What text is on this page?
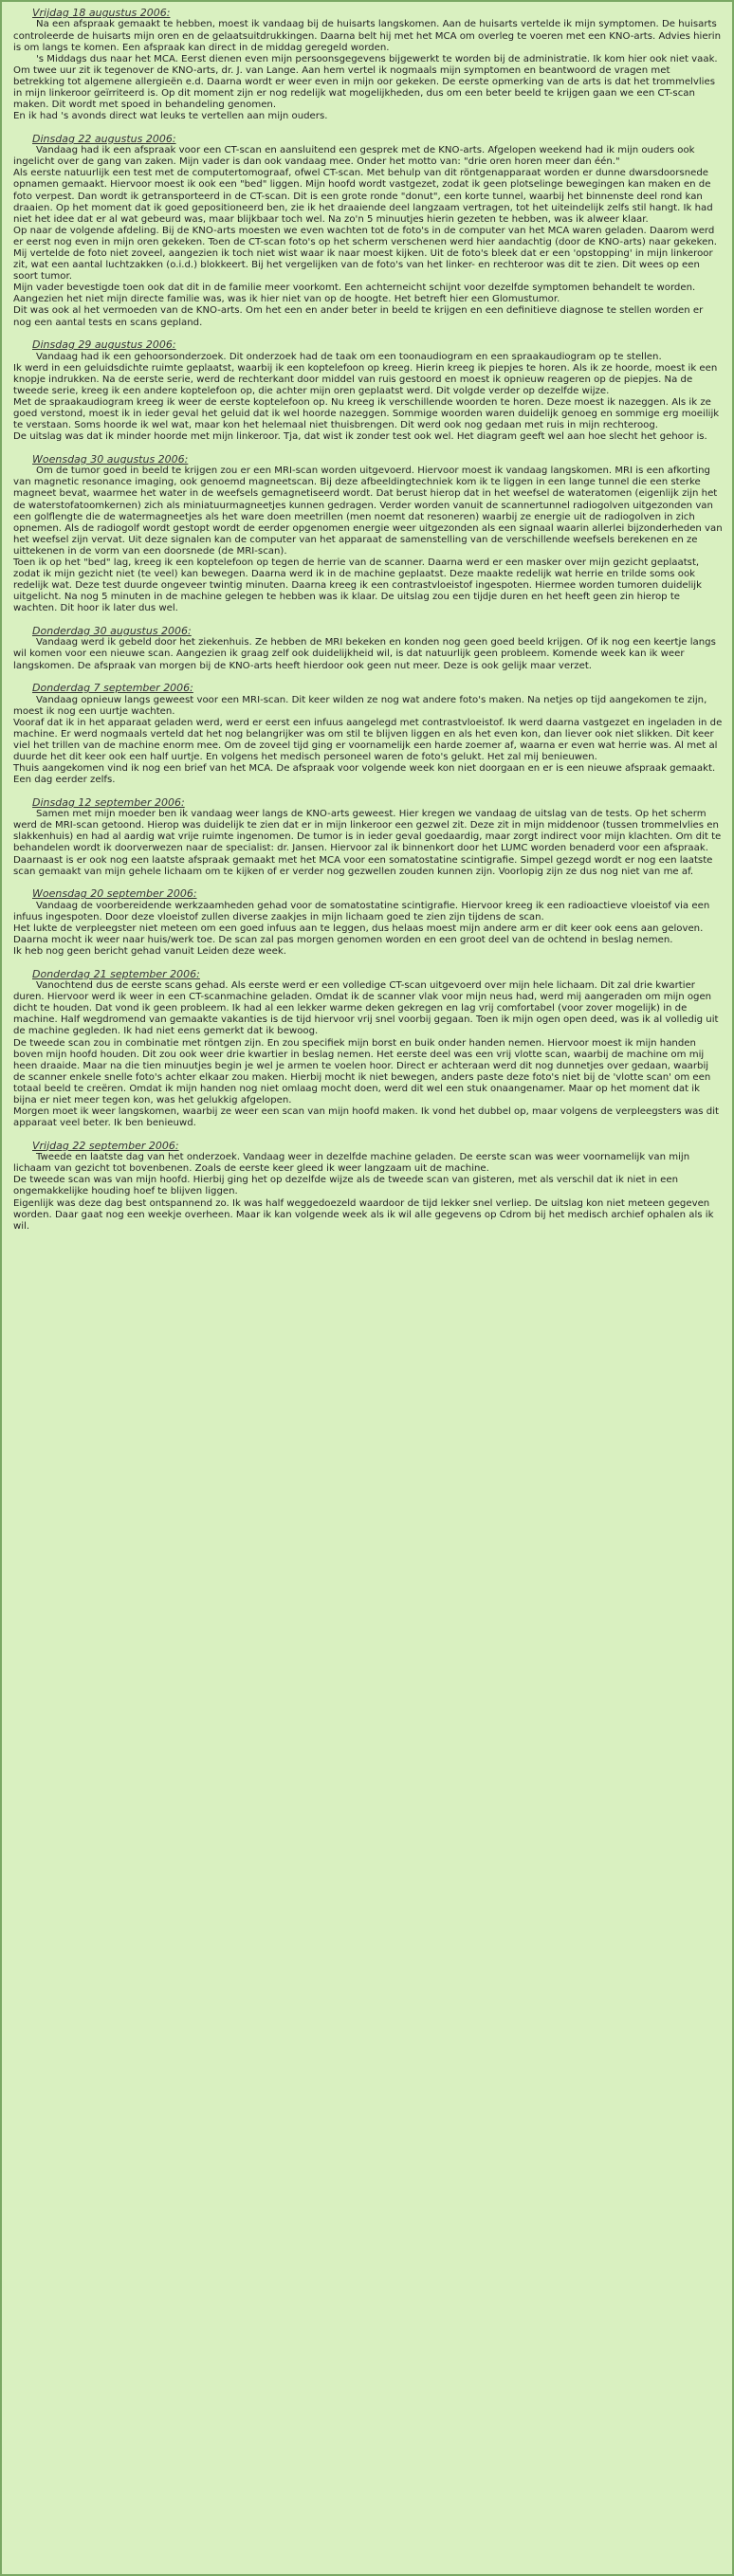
Vrijdag 18 augustus 2006:

Na een afspraak gemaakt te hebben, moest ik vandaag bij de huisarts langskomen. Aan de huisarts vertelde ik mijn symptomen. De huisarts controleerde de huisarts mijn oren en de gelaatsuitdrukkingen. Daarna belt hij met het MCA om overleg te voeren met een KNO-arts. Advies hierin is om langs te komen. Een afspraak kan direct in de middag geregeld worden.

's Middags dus naar het MCA. Eerst dienen even mijn persoonsgegevens bijgewerkt te worden bij de administratie. Ik kom hier ook niet vaak.

Om twee uur zit ik tegenover de KNO-arts, dr. J. van Lange. Aan hem vertel ik nogmaals mijn symptomen en beantwoord de vragen met betrekking tot algemene allergieën e.d. Daarna wordt er weer even in mijn oor gekeken. De eerste opmerking van de arts is dat het trommelvlies in mijn linkeroor geïrriteerd is. Op dit moment zijn er nog redelijk wat mogelijkheden, dus om een beter beeld te krijgen gaan we een CT-scan maken. Dit wordt met spoed in behandeling genomen.

En ik had 's avonds direct wat leuks te vertellen aan mijn ouders.

Dinsdag 22 augustus 2006:

Vandaag had ik een afspraak voor een CT-scan en aansluitend een gesprek met de KNO-arts. Afgelopen weekend had ik mijn ouders ook ingelicht over de gang van zaken. Mijn vader is dan ook vandaag mee. Onder het motto van: "drie oren horen meer dan één."

Als eerste natuurlijk een test met de computertomograaf, ofwel CT-scan. Met behulp van dit röntgenapparaat worden er dunne dwarsdoorsnede opnamen gemaakt. Hiervoor moest ik ook een "bed" liggen. Mijn hoofd wordt vastgezet, zodat ik geen plotselinge bewegingen kan maken en de foto verpest. Dan wordt ik getransporteerd in de CT-scan. Dit is een grote ronde "donut", een korte tunnel, waarbij het binnenste deel rond kan draaien. Op het moment dat ik goed gepositioneerd ben, zie ik het draaiende deel langzaam vertragen, tot het uiteindelijk zelfs stil hangt. Ik had niet het idee dat er al wat gebeurd was, maar blijkbaar toch wel. Na zo'n 5 minuutjes hierin gezeten te hebben, was ik alweer klaar.

Op naar de volgende afdeling. Bij de KNO-arts moesten we even wachten tot de foto's in de computer van het MCA waren geladen. Daarom werd er eerst nog even in mijn oren gekeken. Toen de CT-scan foto's op het scherm verschenen werd hier aandachtig (door de KNO-arts) naar gekeken. Mij vertelde de foto niet zoveel, aangezien ik toch niet wist waar ik naar moest kijken. Uit de foto's bleek dat er een 'opstopping' in mijn linkeroor zit, wat een aantal luchtzakken (o.i.d.) blokkeert. Bij het vergelijken van de foto's van het linker- en rechteroor was dit te zien. Dit wees op een soort tumor.

Mijn vader bevestigde toen ook dat dit in de familie meer voorkomt. Een achterneicht schijnt voor dezelfde symptomen behandelt te worden. Aangezien het niet mijn directe familie was, was ik hier niet van op de hoogte. Het betreft hier een Glomustumor.

Dit was ook al het vermoeden van de KNO-arts. Om het een en ander beter in beeld te krijgen en een definitieve diagnose te stellen worden er nog een aantal tests en scans gepland.

Dinsdag 29 augustus 2006:

Vandaag had ik een gehoorsonderzoek. Dit onderzoek had de taak om een toonaudiogram en een spraakaudiogram op te stellen.

Ik werd in een geluidsdichte ruimte geplaatst, waarbij ik een koptelefoon op kreeg. Hierin kreeg ik piepjes te horen. Als ik ze hoorde, moest ik een knopje indrukken. Na de eerste serie, werd de rechterkant door middel van ruis gestoord en moest ik opnieuw reageren op de piepjes. Na de tweede serie, kreeg ik een andere koptelefoon op, die achter mijn oren geplaatst werd. Dit volgde verder op dezelfde wijze.

Met de spraakaudiogram kreeg ik weer de eerste koptelefoon op. Nu kreeg ik verschillende woorden te horen. Deze moest ik nazeggen. Als ik ze goed verstond, moest ik in ieder geval het geluid dat ik wel hoorde nazeggen. Sommige woorden waren duidelijk genoeg en sommige erg moeilijk te verstaan. Soms hoorde ik wel wat, maar kon het helemaal niet thuisbrengen. Dit werd ook nog gedaan met ruis in mijn rechteroog.

De uitslag was dat ik minder hoorde met mijn linkeroor. Tja, dat wist ik zonder test ook wel. Het diagram geeft wel aan hoe slecht het gehoor is.

Woensdag 30 augustus 2006:

Om de tumor goed in beeld te krijgen zou er een MRI-scan worden uitgevoerd. Hiervoor moest ik vandaag langskomen. MRI is een afkorting van magnetic resonance imaging, ook genoemd magneetscan. Bij deze afbeeldingtechniek kom ik te liggen in een lange tunnel die een sterke magneet bevat, waarmee het water in de weefsels gemagnetiseerd wordt. Dat berust hierop dat in het weefsel de wateratomen (eigenlijk zijn het de waterstofatoomkernen) zich als miniatuurmagneetjes kunnen gedragen. Verder worden vanuit de scannertunnel radiogolven uitgezonden van een golflengte die de watermagneetjes als het ware doen meetrillen (men noemt dat resoneren) waarbij ze energie uit de radiogolven in zich opnemen. Als de radiogolf wordt gestopt wordt de eerder opgenomen energie weer uitgezonden als een signaal waarin allerlei bijzonderheden van het weefsel zijn vervat. Uit deze signalen kan de computer van het apparaat de samenstelling van de verschillende weefsels berekenen en ze uittekenen in de vorm van een doorsnede (de MRI-scan).

Toen ik op het "bed" lag, kreeg ik een koptelefoon op tegen de herrie van de scanner. Daarna werd er een masker over mijn gezicht geplaatst, zodat ik mijn gezicht niet (te veel) kan bewegen. Daarna werd ik in de machine geplaatst. Deze maakte redelijk wat herrie en trilde soms ook redelijk wat. Deze test duurde ongeveer twintig minuten. Daarna kreeg ik een contrastvloeistof ingespoten. Hiermee worden tumoren duidelijk uitgelicht. Na nog 5 minuten in de machine gelegen te hebben was ik klaar. De uitslag zou een tijdje duren en het heeft geen zin hierop te wachten. Dit hoor ik later dus wel.

Donderdag 30 augustus 2006:

Vandaag werd ik gebeld door het ziekenhuis. Ze hebben de MRI bekeken en konden nog geen goed beeld krijgen. Of ik nog een keertje langs wil komen voor een nieuwe scan. Aangezien ik graag zelf ook duidelijkheid wil, is dat natuurlijk geen probleem. Komende week kan ik weer langskomen. De afspraak van morgen bij de KNO-arts heeft hierdoor ook geen nut meer. Deze is ook gelijk maar verzet.

Donderdag 7 september 2006:

Vandaag opnieuw langs geweest voor een MRI-scan. Dit keer wilden ze nog wat andere foto's maken. Na netjes op tijd aangekomen te zijn, moest ik nog een uurtje wachten.

Vooraf dat ik in het apparaat geladen werd, werd er eerst een infuus aangelegd met contrastvloeistof. Ik werd daarna vastgezet en ingeladen in de machine. Er werd nogmaals verteld dat het nog belangrijker was om stil te blijven liggen en als het even kon, dan liever ook niet slikken. Dit keer viel het trillen van de machine enorm mee. Om de zoveel tijd ging er voornamelijk een harde zoemer af, waarna er even wat herrie was. Al met al duurde het dit keer ook een half uurtje. En volgens het medisch personeel waren de foto's gelukt. Het zal mij benieuwen.

Thuis aangekomen vind ik nog een brief van het MCA. De afspraak voor volgende week kon niet doorgaan en er is een nieuwe afspraak gemaakt. Een dag eerder zelfs.

Dinsdag 12 september 2006:

Samen met mijn moeder ben ik vandaag weer langs de KNO-arts geweest. Hier kregen we vandaag de uitslag van de tests. Op het scherm werd de MRI-scan getoond. Hierop was duidelijk te zien dat er in mijn linkeroor een gezwel zit. Deze zit in mijn middenoor (tussen trommelvlies en slakkenhuis) en had al aardig wat vrije ruimte ingenomen. De tumor is in ieder geval goedaardig, maar zorgt indirect voor mijn klachten. Om dit te behandelen wordt ik doorverwezen naar de specialist: dr. Jansen. Hiervoor zal ik binnenkort door het LUMC worden benaderd voor een afspraak.

Daarnaast is er ook nog een laatste afspraak gemaakt met het MCA voor een somatostatine scintigrafie. Simpel gezegd wordt er nog een laatste scan gemaakt van mijn gehele lichaam om te kijken of er verder nog gezwellen zouden kunnen zijn. Voorlopig zijn ze dus nog niet van me af.

Woensdag 20 september 2006:

Vandaag de voorbereidende werkzaamheden gehad voor de somatostatine scintigrafie. Hiervoor kreeg ik een radioactieve vloeistof via een infuus ingespoten. Door deze vloeistof zullen diverse zaakjes in mijn lichaam goed te zien zijn tijdens de scan.

Het lukte de verpleegster niet meteen om een goed infuus aan te leggen, dus helaas moest mijn andere arm er dit keer ook eens aan geloven. Daarna mocht ik weer naar huis/werk toe. De scan zal pas morgen genomen worden en een groot deel van de ochtend in beslag nemen.

Ik heb nog geen bericht gehad vanuit Leiden deze week.

Donderdag 21 september 2006:

Vanochtend dus de eerste scans gehad. Als eerste werd er een volledige CT-scan uitgevoerd over mijn hele lichaam. Dit zal drie kwartier duren. Hiervoor werd ik weer in een CT-scanmachine geladen. Omdat ik de scanner vlak voor mijn neus had, werd mij aangeraden om mijn ogen dicht te houden. Dat vond ik geen probleem. Ik had al een lekker warme deken gekregen en lag vrij comfortabel (voor zover mogelijk) in de machine. Half wegdromend van gemaakte vakanties is de tijd hiervoor vrij snel voorbij gegaan. Toen ik mijn ogen open deed, was ik al volledig uit de machine gegleden. Ik had niet eens gemerkt dat ik bewoog.

De tweede scan zou in combinatie met röntgen zijn. En zou specifiek mijn borst en buik onder handen nemen. Hiervoor moest ik mijn handen boven mijn hoofd houden. Dit zou ook weer drie kwartier in beslag nemen. Het eerste deel was een vrij vlotte scan, waarbij de machine om mij heen draaide. Maar na die tien minuutjes begin je wel je armen te voelen hoor. Direct er achteraan werd dit nog dunnetjes over gedaan, waarbij de scanner enkele snelle foto's achter elkaar zou maken. Hierbij mocht ik niet bewegen, anders paste deze foto's niet bij de 'vlotte scan' om een totaal beeld te creëren. Omdat ik mijn handen nog niet omlaag mocht doen, werd dit wel een stuk onaangenamer. Maar op het moment dat ik bijna er niet meer tegen kon, was het gelukkig afgelopen.

Morgen moet ik weer langskomen, waarbij ze weer een scan van mijn hoofd maken. Ik vond het dubbel op, maar volgens de verpleegsters was dit apparaat veel beter. Ik ben benieuwd.

Vrijdag 22 september 2006:

Tweede en laatste dag van het onderzoek. Vandaag weer in dezelfde machine geladen. De eerste scan was weer voornamelijk van mijn lichaam van gezicht tot bovenbenen. Zoals de eerste keer gleed ik weer langzaam uit de machine.

De tweede scan was van mijn hoofd. Hierbij ging het op dezelfde wijze als de tweede scan van gisteren, met als verschil dat ik niet in een ongemakkelijke houding hoef te blijven liggen.

Eigenlijk was deze dag best ontspannend zo. Ik was half weggedoezeld waardoor de tijd lekker snel verliep. De uitslag kon niet meteen gegeven worden. Daar gaat nog een weekje overheen. Maar ik kan volgende week als ik wil alle gegevens op Cdrom bij het medisch archief ophalen als ik wil.
